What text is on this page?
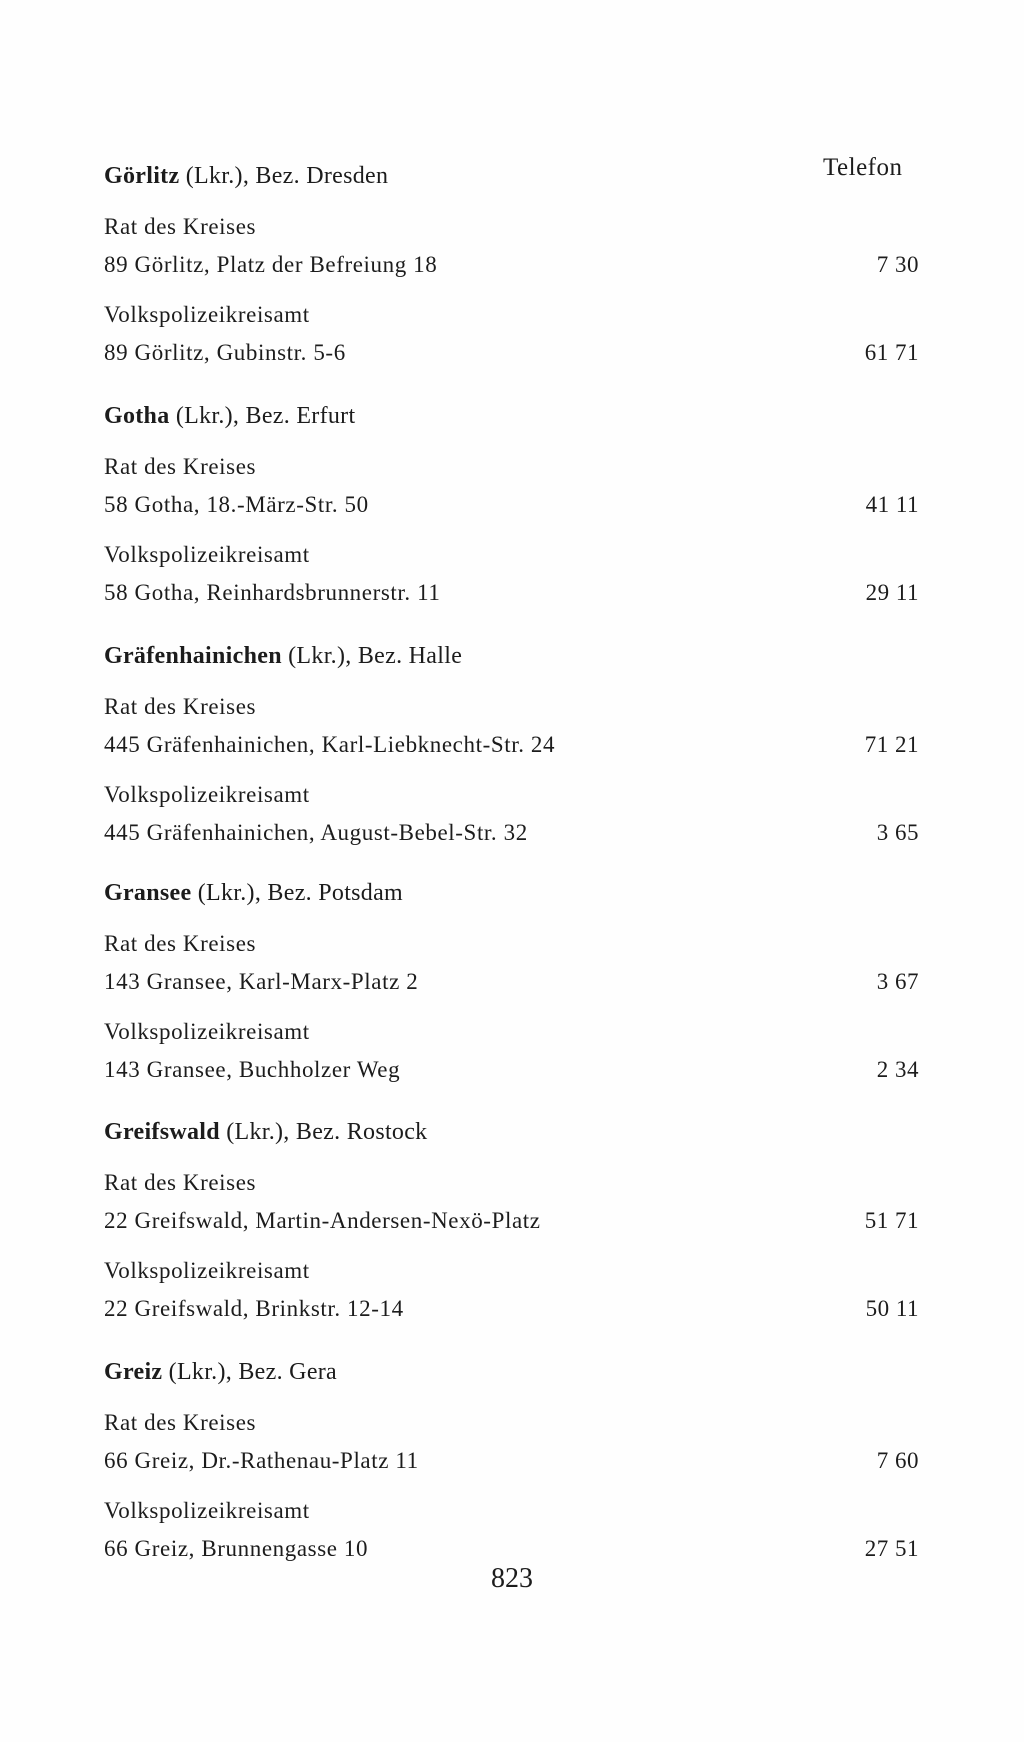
Telefon
Görlitz (Lkr.), Bez. Dresden
Rat des Kreises
89 Görlitz, Platz der Befreiung 18	7 30
Volkspolizeikreisamt
89 Görlitz, Gubinstr. 5-6	61 71
Gotha (Lkr.), Bez. Erfurt
Rat des Kreises
58 Gotha, 18.-März-Str. 50	41 11
Volkspolizeikreisamt
58 Gotha, Reinhardsbrunnerstr. 11	29 11
Gräfenhainichen (Lkr.), Bez. Halle
Rat des Kreises
445 Gräfenhainichen, Karl-Liebknecht-Str. 24	71 21
Volkspolizeikreisamt
445 Gräfenhainichen, August-Bebel-Str. 32	3 65
Gransee (Lkr.), Bez. Potsdam
Rat des Kreises
143 Gransee, Karl-Marx-Platz 2	3 67
Volkspolizeikreisamt
143 Gransee, Buchholzer Weg	2 34
Greifswald (Lkr.), Bez. Rostock
Rat des Kreises
22 Greifswald, Martin-Andersen-Nexö-Platz	51 71
Volkspolizeikreisamt
22 Greifswald, Brinkstr. 12-14	50 11
Greiz (Lkr.), Bez. Gera
Rat des Kreises
66 Greiz, Dr.-Rathenau-Platz 11	7 60
Volkspolizeikreisamt
66 Greiz, Brunnengasse 10	27 51
823
